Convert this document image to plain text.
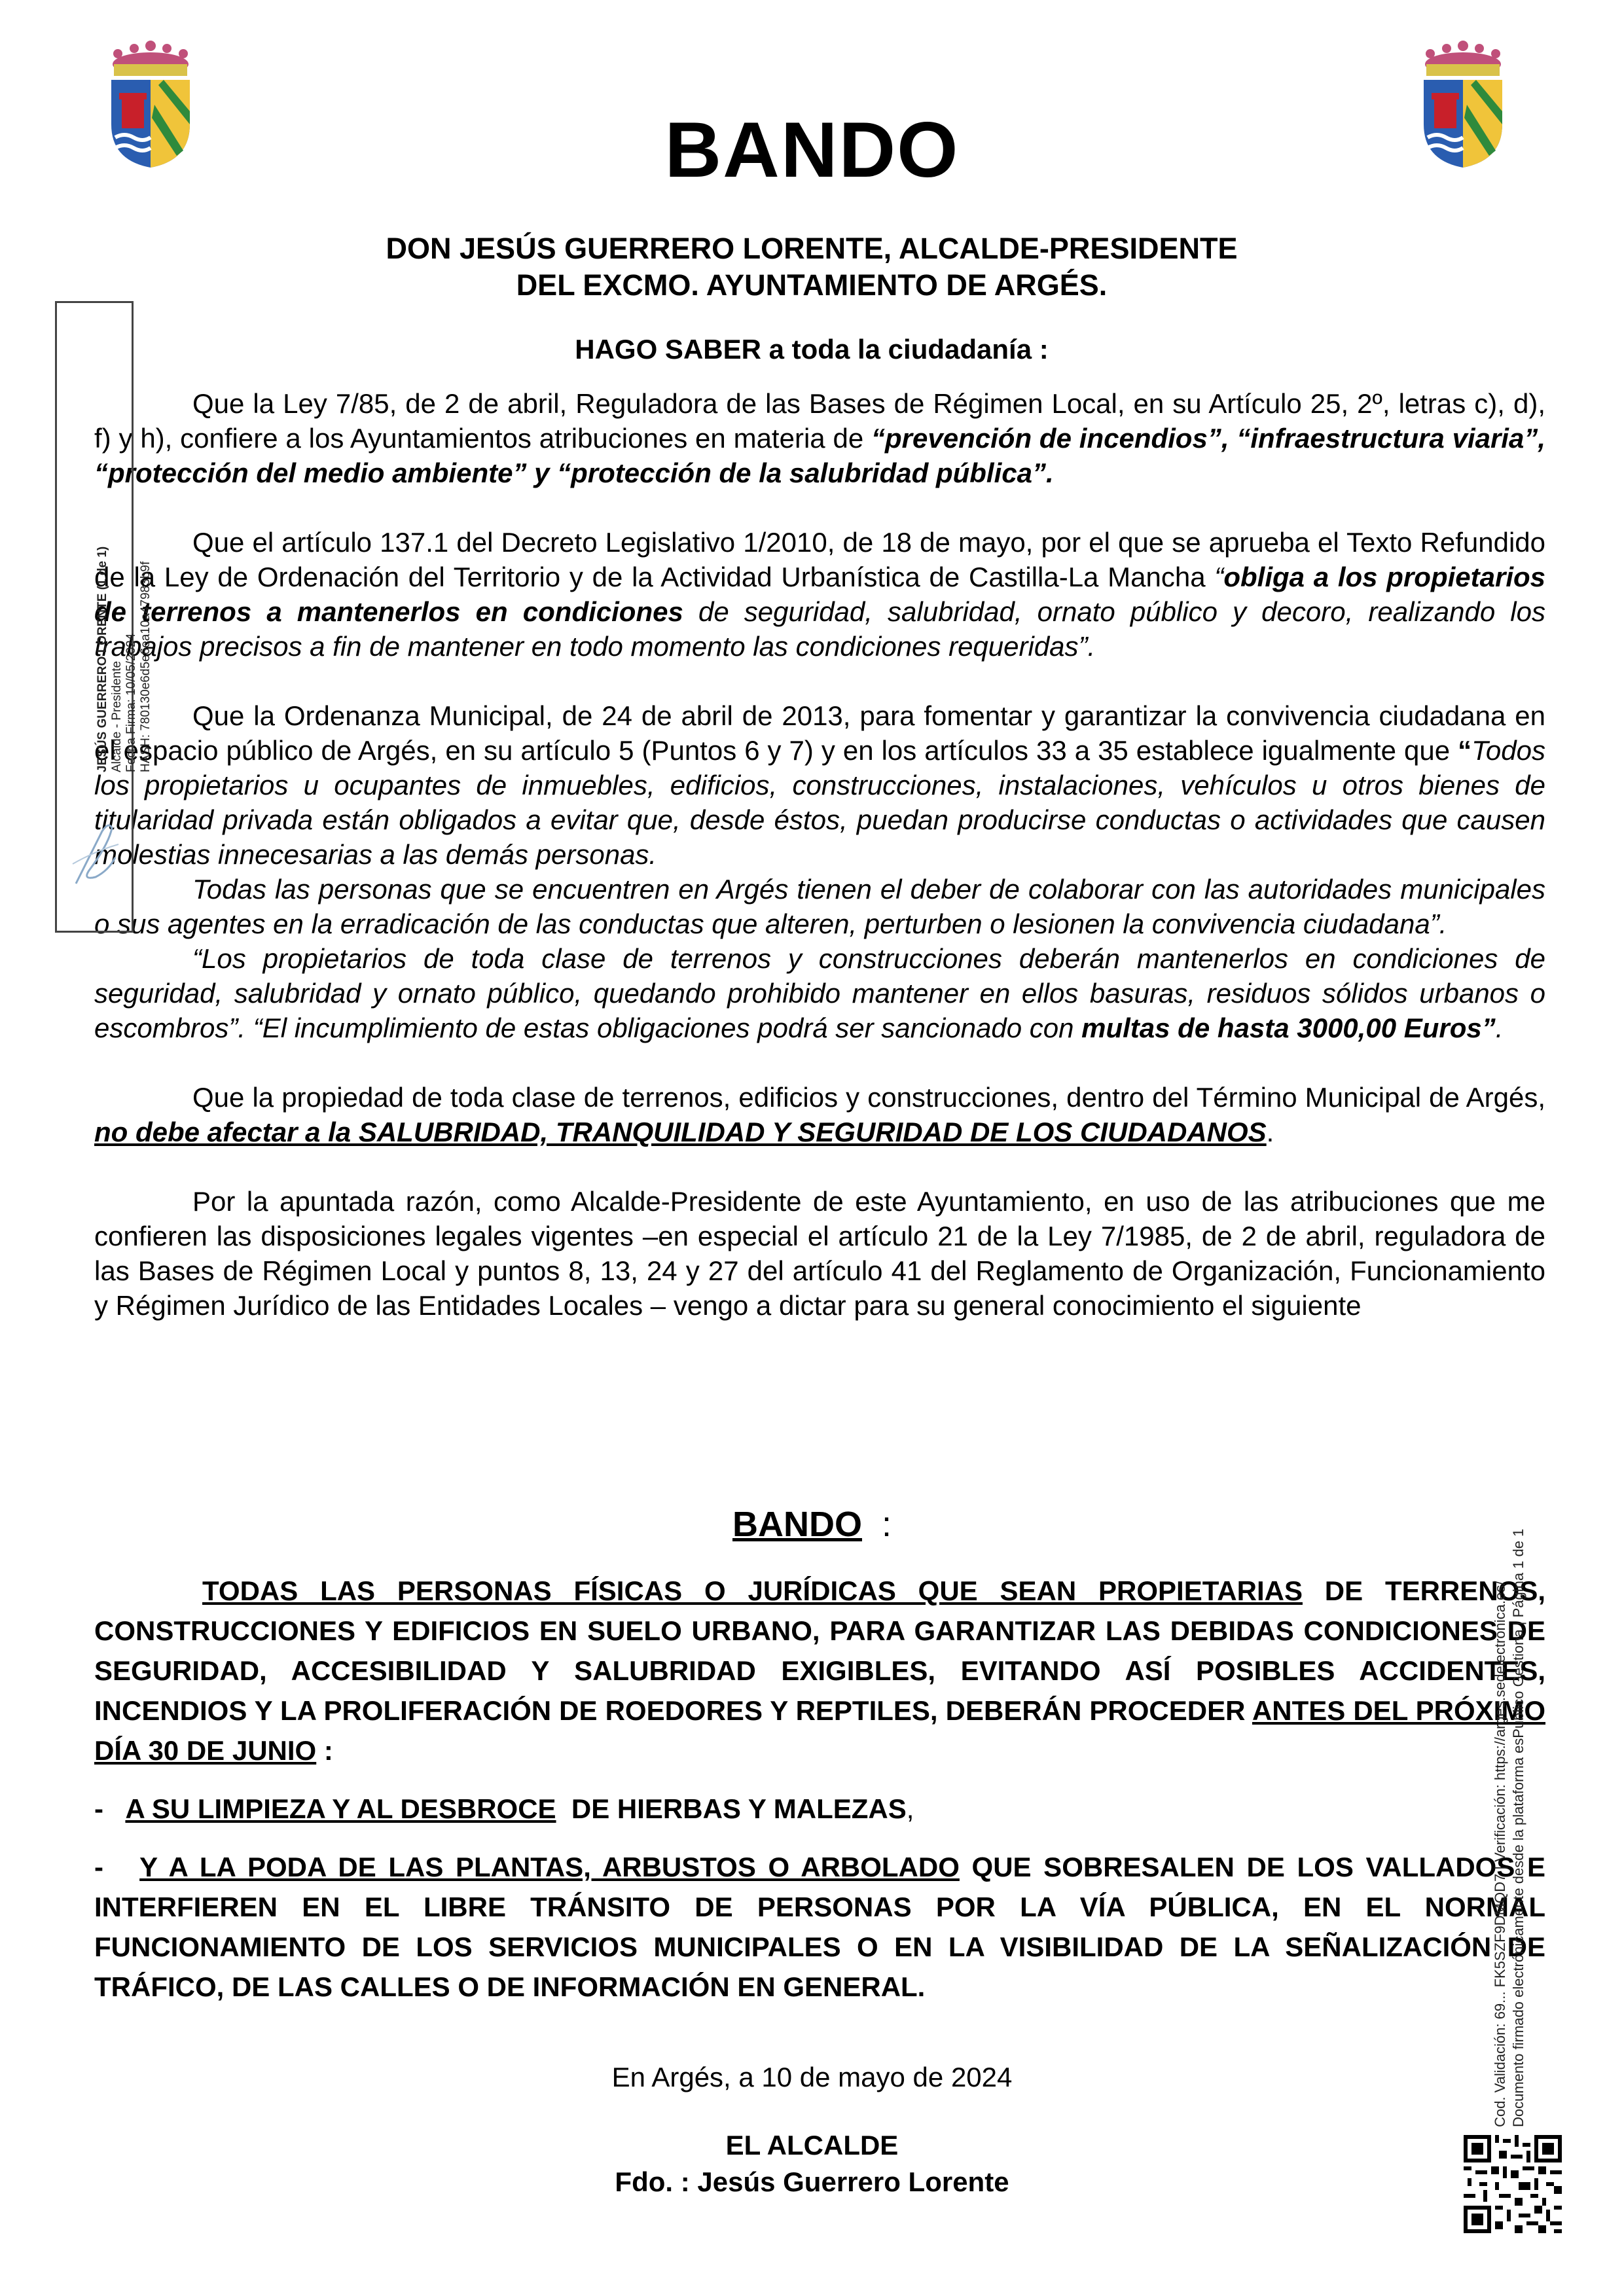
BANDO
DON JESÚS GUERRERO LORENTE, ALCALDE-PRESIDENTE
DEL EXCMO. AYUNTAMIENTO DE ARGÉS.
HAGO SABER a toda la ciudadanía :

Que la Ley 7/85, de 2 de abril, Reguladora de las Bases de Régimen Local, en su Artículo 25, 2º, letras c), d), f) y h), confiere a los Ayuntamientos atribuciones en materia de “prevención de incendios”, “infraestructura viaria”, “protección del medio ambiente” y “protección de la salubridad pública”.

Que el artículo 137.1 del Decreto Legislativo 1/2010, de 18 de mayo, por el que se aprueba el Texto Refundido de la Ley de Ordenación del Territorio y de la Actividad Urbanística de Castilla-La Mancha “obliga a los propietarios de terrenos a mantenerlos en condiciones de seguridad, salubridad, ornato público y decoro, realizando los trabajos precisos a fin de mantener en todo momento las condiciones requeridas”.

Que la Ordenanza Municipal, de 24 de abril de 2013, para fomentar y garantizar la convivencia ciudadana en el espacio público de Argés, en su artículo 5 (Puntos 6 y 7) y en los artículos 33 a 35 establece igualmente que “Todos los propietarios u ocupantes de inmuebles, edificios, construcciones, instalaciones, vehículos u otros bienes de titularidad privada están obligados a evitar que, desde éstos, puedan producirse conductas o actividades que causen molestias innecesarias a las demás personas.

Todas las personas que se encuentren en Argés tienen el deber de colaborar con las autoridades municipales o sus agentes en la erradicación de las conductas que alteren, perturben o lesionen la convivencia ciudadana”.

“Los propietarios de toda clase de terrenos y construcciones deberán mantenerlos en condiciones de seguridad, salubridad y ornato público, quedando prohibido mantener en ellos basuras, residuos sólidos urbanos o escombros”. “El incumplimiento de estas obligaciones podrá ser sancionado con multas de hasta 3000,00 Euros”.

Que la propiedad de toda clase de terrenos, edificios y construcciones, dentro del Término Municipal de Argés, no debe afectar a la SALUBRIDAD, TRANQUILIDAD Y SEGURIDAD DE LOS CIUDADANOS.

Por la apuntada razón, como Alcalde-Presidente de este Ayuntamiento, en uso de las atribuciones que me confieren las disposiciones legales vigentes –en especial el artículo 21 de la Ley 7/1985, de 2 de abril, reguladora de las Bases de Régimen Local y puntos 8, 13, 24 y 27 del artículo 41 del Reglamento de Organización, Funcionamiento y Régimen Jurídico de las Entidades Locales – vengo a dictar para su general conocimiento el siguiente

BANDO  :

TODAS LAS PERSONAS FÍSICAS O JURÍDICAS QUE SEAN PROPIETARIAS DE TERRENOS, CONSTRUCCIONES Y EDIFICIOS EN SUELO URBANO, PARA GARANTIZAR LAS DEBIDAS CONDICIONES DE SEGURIDAD, ACCESIBILIDAD Y SALUBRIDAD EXIGIBLES, EVITANDO ASÍ POSIBLES ACCIDENTES, INCENDIOS Y LA PROLIFERACIÓN DE ROEDORES Y REPTILES, DEBERÁN PROCEDER ANTES DEL PRÓXIMO DÍA 30 DE JUNIO :

-   A SU LIMPIEZA Y AL DESBROCE  DE HIERBAS Y MALEZAS,

-   Y A LA PODA DE LAS PLANTAS, ARBUSTOS O ARBOLADO QUE SOBRESALEN DE LOS VALLADOS E INTERFIEREN EN EL LIBRE TRÁNSITO DE PERSONAS POR LA VÍA PÚBLICA, EN EL NORMAL FUNCIONAMIENTO DE LOS SERVICIOS MUNICIPALES O EN LA VISIBILIDAD DE LA SEÑALIZACIÓN DE TRÁFICO, DE LAS CALLES O DE INFORMACIÓN EN GENERAL.

En Argés, a 10 de mayo de 2024
EL ALCALDE
Fdo. : Jesús Guerrero Lorente
JESÚS GUERRERO LORENTE (1 de 1) Alcalde - Presidente Fecha Firma: 10/05/2024 HASH: 780130e6d5e6ea10a47983b9f
Cod. Validación: 69... FK5SZF9DMQD7 | Verificación: https://arges.sedelectronica.es/ Documento firmado electrónicamente desde la plataforma esPublico Gestiona | Página 1 de 1
